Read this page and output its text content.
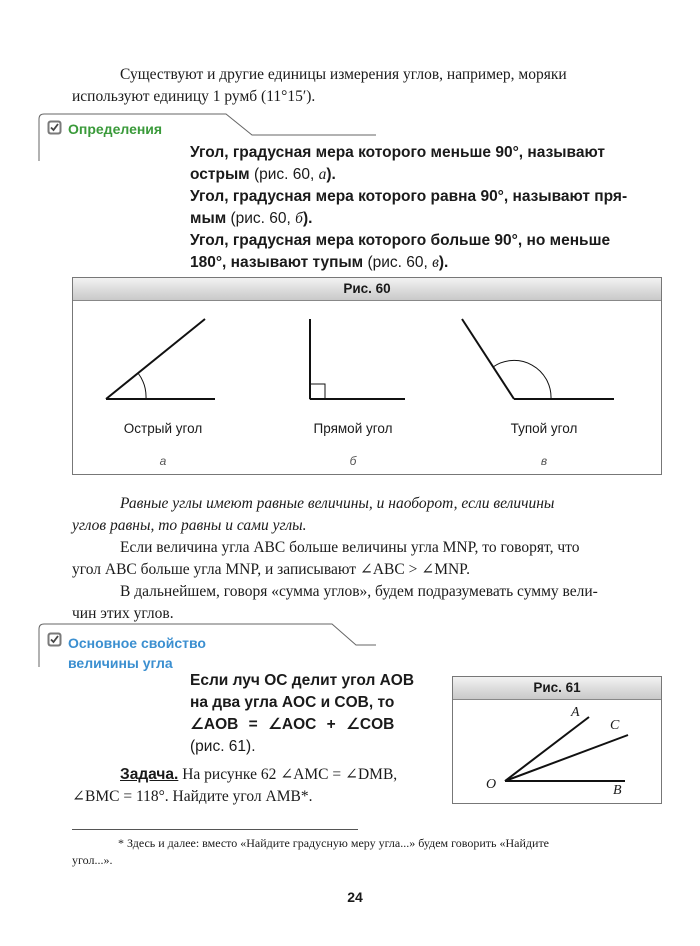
Существуют и другие единицы измерения углов, например, моряки
используют единицу 1 румб (11°15′).
Определения
Угол, градусная мера которого меньше 90°, называют
острым (рис. 60, а).
Угол, градусная мера которого равна 90°, называют пря-
мым (рис. 60, б).
Угол, градусная мера которого больше 90°, но меньше
180°, называют тупым (рис. 60, в).
Рис. 60
Острый угол	Прямой угол	Тупой угол
а	б	в
Равные углы имеют равные величины, и наоборот, если величины
углов равны, то равны и сами углы.
Если величина угла ABC больше величины угла MNP, то говорят, что
угол ABC больше угла MNP, и записывают ∠ABC > ∠MNP.
В дальнейшем, говоря «сумма углов», будем подразумевать сумму вели-
чин этих углов.
Основное свойство
величины угла
Если луч OC делит угол AOB
на два угла AOC и COB, то
∠AOB = ∠AOC + ∠COB
(рис. 61).
Рис. 61
A
C
O	B
Задача. На рисунке 62 ∠AMC = ∠DMB,
∠BMC = 118°. Найдите угол AMB*.
* Здесь и далее: вместо «Найдите градусную меру угла...» будем говорить «Найдите
угол...».
24
